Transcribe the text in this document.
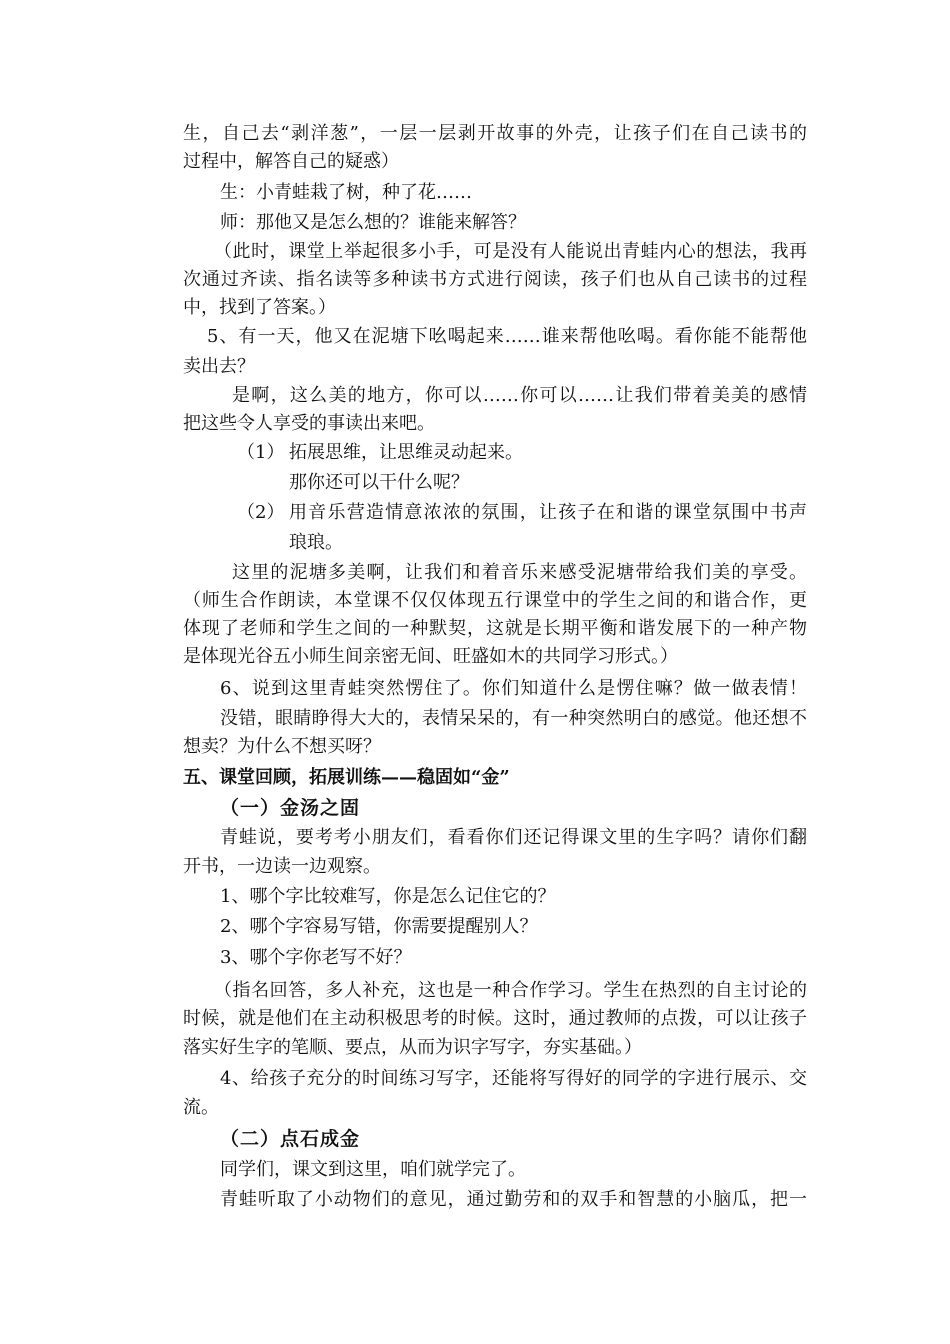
生，自己去“剥洋葱”，一层一层剥开故事的外壳，让孩子们在自己读书的
过程中，解答自己的疑惑）
生：小青蛙栽了树，种了花……
师：那他又是怎么想的？谁能来解答？
（此时，课堂上举起很多小手，可是没有人能说出青蛙内心的想法，我再
次通过齐读、指名读等多种读书方式进行阅读，孩子们也从自己读书的过程
中，找到了答案。）
5、有一天，他又在泥塘下吆喝起来……谁来帮他吆喝。看你能不能帮他
卖出去？
是啊，这么美的地方，你可以……你可以……让我们带着美美的感情
把这些令人享受的事读出来吧。
（1） 拓展思维，让思维灵动起来。
那你还可以干什么呢？
（2） 用音乐营造情意浓浓的氛围，让孩子在和谐的课堂氛围中书声
琅琅。
这里的泥塘多美啊，让我们和着音乐来感受泥塘带给我们美的享受。
（师生合作朗读，本堂课不仅仅体现五行课堂中的学生之间的和谐合作，更
体现了老师和学生之间的一种默契，这就是长期平衡和谐发展下的一种产物
是体现光谷五小师生间亲密无间、旺盛如木的共同学习形式。）
6、说到这里青蛙突然愣住了。你们知道什么是愣住嘛？做一做表情！
没错，眼睛睁得大大的，表情呆呆的，有一种突然明白的感觉。他还想不
想卖？为什么不想买呀？
五、课堂回顾，拓展训练——稳固如“金”
（一）金汤之固
青蛙说，要考考小朋友们，看看你们还记得课文里的生字吗？请你们翻
开书，一边读一边观察。
1、哪个字比较难写，你是怎么记住它的？
2、哪个字容易写错，你需要提醒别人？
3、哪个字你老写不好？
（指名回答，多人补充，这也是一种合作学习。学生在热烈的自主讨论的
时候，就是他们在主动积极思考的时候。这时，通过教师的点拨，可以让孩子
落实好生字的笔顺、要点，从而为识字写字，夯实基础。）
4、给孩子充分的时间练习写字，还能将写得好的同学的字进行展示、交
流。
（二）点石成金
同学们，课文到这里，咱们就学完了。
青蛙听取了小动物们的意见，通过勤劳和的双手和智慧的小脑瓜，把一
